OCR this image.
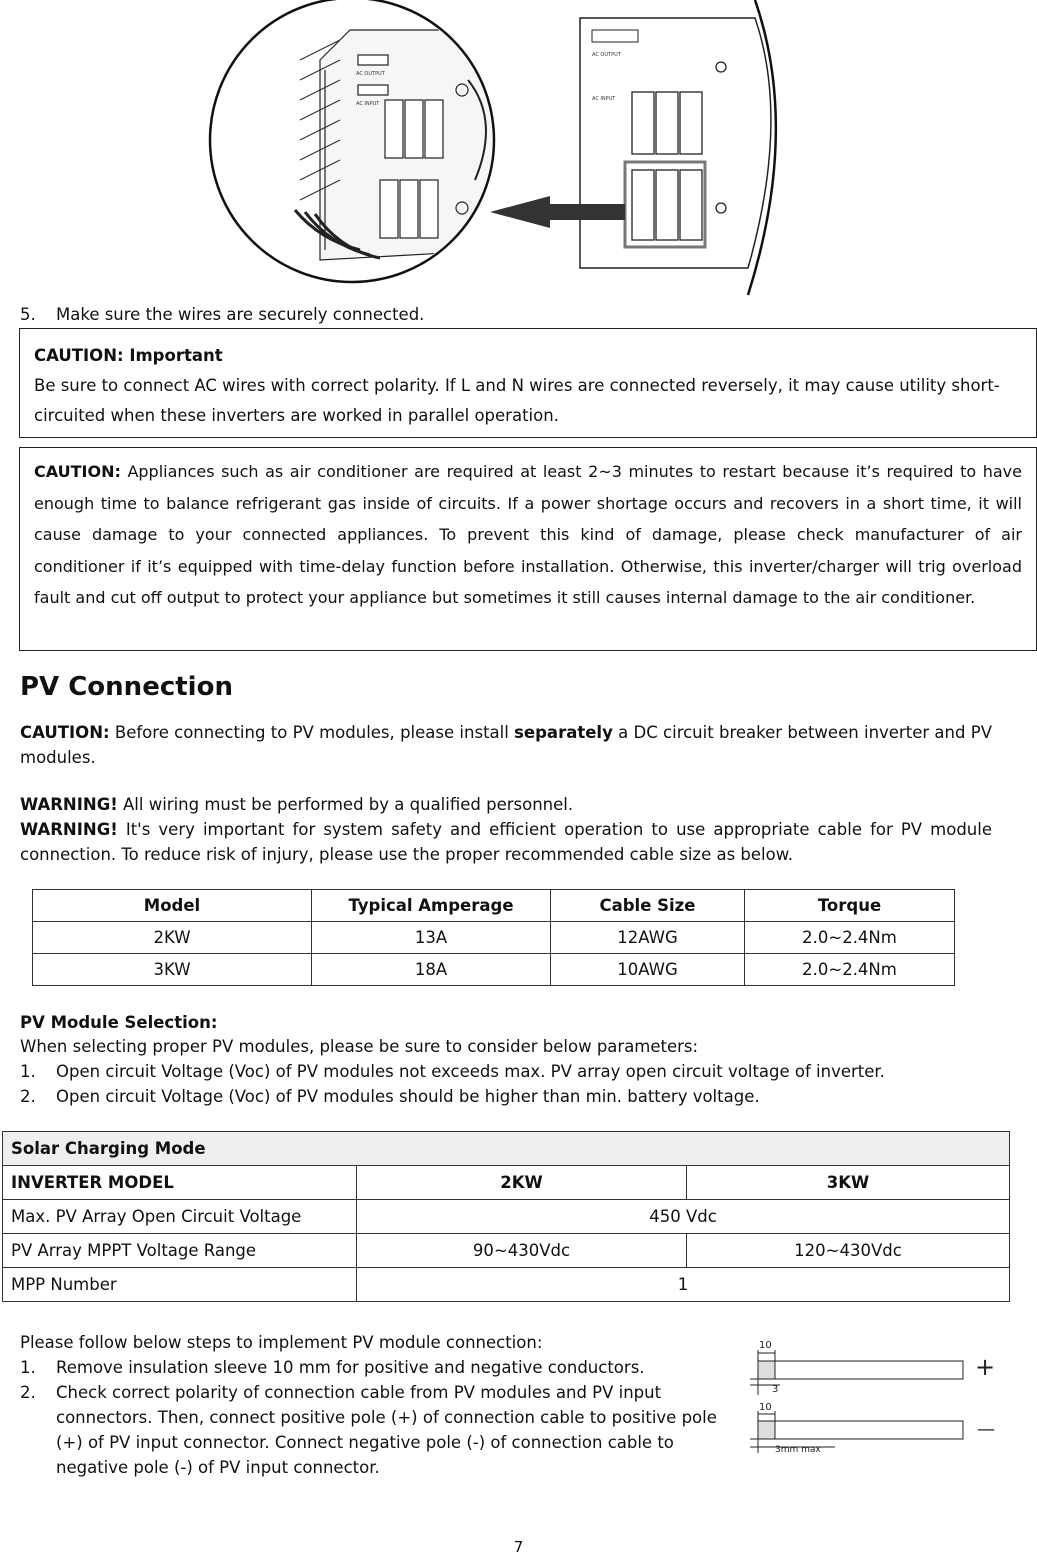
AC OUTPUT
AC INPUT
AC OUTPUT
AC INPUT
5. Make sure the wires are securely connected.
CAUTION: Important
Be sure to connect AC wires with correct polarity. If L and N wires are connected reversely, it may cause utility short-circuited when these inverters are worked in parallel operation.
CAUTION: Appliances such as air conditioner are required at least 2~3 minutes to restart because it’s required to have enough time to balance refrigerant gas inside of circuits. If a power shortage occurs and recovers in a short time, it will cause damage to your connected appliances. To prevent this kind of damage, please check manufacturer of air conditioner if it’s equipped with time-delay function before installation. Otherwise, this inverter/charger will trig overload fault and cut off output to protect your appliance but sometimes it still causes internal damage to the air conditioner.
PV Connection
CAUTION: Before connecting to PV modules, please install separately a DC circuit breaker between inverter and PV modules.
WARNING! All wiring must be performed by a qualified personnel.
WARNING! It's very important for system safety and efficient operation to use appropriate cable for PV module connection. To reduce risk of injury, please use the proper recommended cable size as below.
Model	Typical Amperage	Cable Size	Torque
2KW	13A	12AWG	2.0~2.4Nm
3KW	18A	10AWG	2.0~2.4Nm
PV Module Selection:
When selecting proper PV modules, please be sure to consider below parameters:
1. Open circuit Voltage (Voc) of PV modules not exceeds max. PV array open circuit voltage of inverter.
2. Open circuit Voltage (Voc) of PV modules should be higher than min. battery voltage.
Solar Charging Mode		
INVERTER MODEL	2KW	3KW
Max. PV Array Open Circuit Voltage	450 Vdc	
PV Array MPPT Voltage Range	90~430Vdc	120~430Vdc
MPP Number	1	
Please follow below steps to implement PV module connection:
1.	Remove insulation sleeve 10 mm for positive and negative conductors.
2.	Check correct polarity of connection cable from PV modules and PV input connectors. Then, connect positive pole (+) of connection cable to positive pole (+) of PV input connector. Connect negative pole (-) of connection cable to negative pole (-) of PV input connector.
10
3
10
3mm max
+
—
7
